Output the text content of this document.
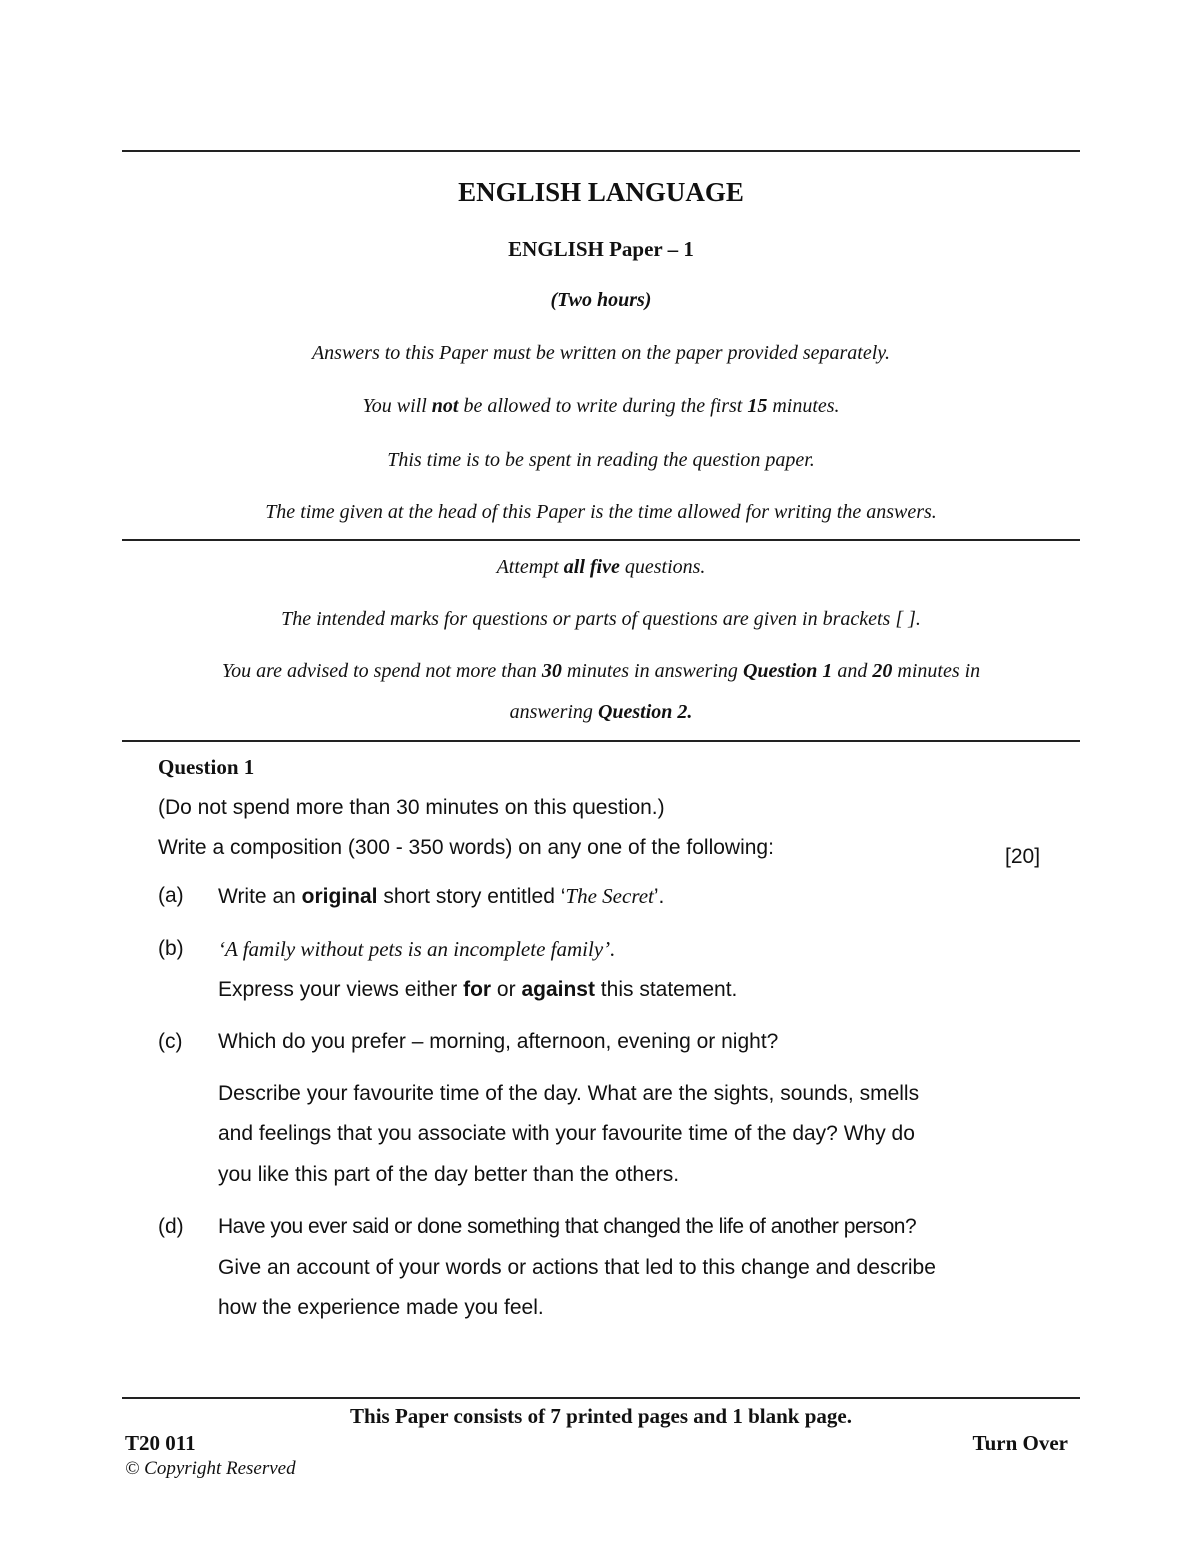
ENGLISH LANGUAGE
ENGLISH Paper – 1
(Two hours)
Answers to this Paper must be written on the paper provided separately.
You will not be allowed to write during the first 15 minutes.
This time is to be spent in reading the question paper.
The time given at the head of this Paper is the time allowed for writing the answers.
Attempt all five questions.
The intended marks for questions or parts of questions are given in brackets [ ].
You are advised to spend not more than 30 minutes in answering Question 1 and 20 minutes in
answering Question 2.
Question 1
(Do not spend more than 30 minutes on this question.)
Write a composition (300 - 350 words) on any one of the following:	[20]
(a) Write an original short story entitled ‘The Secret’.
(b) ‘A family without pets is an incomplete family’.
Express your views either for or against this statement.
(c) Which do you prefer – morning, afternoon, evening or night?
Describe your favourite time of the day. What are the sights, sounds, smells
and feelings that you associate with your favourite time of the day? Why do
you like this part of the day better than the others.
(d) Have you ever said or done something that changed the life of another person?
Give an account of your words or actions that led to this change and describe
how the experience made you feel.
This Paper consists of 7 printed pages and 1 blank page.
T20 011	Turn Over
© Copyright Reserved
